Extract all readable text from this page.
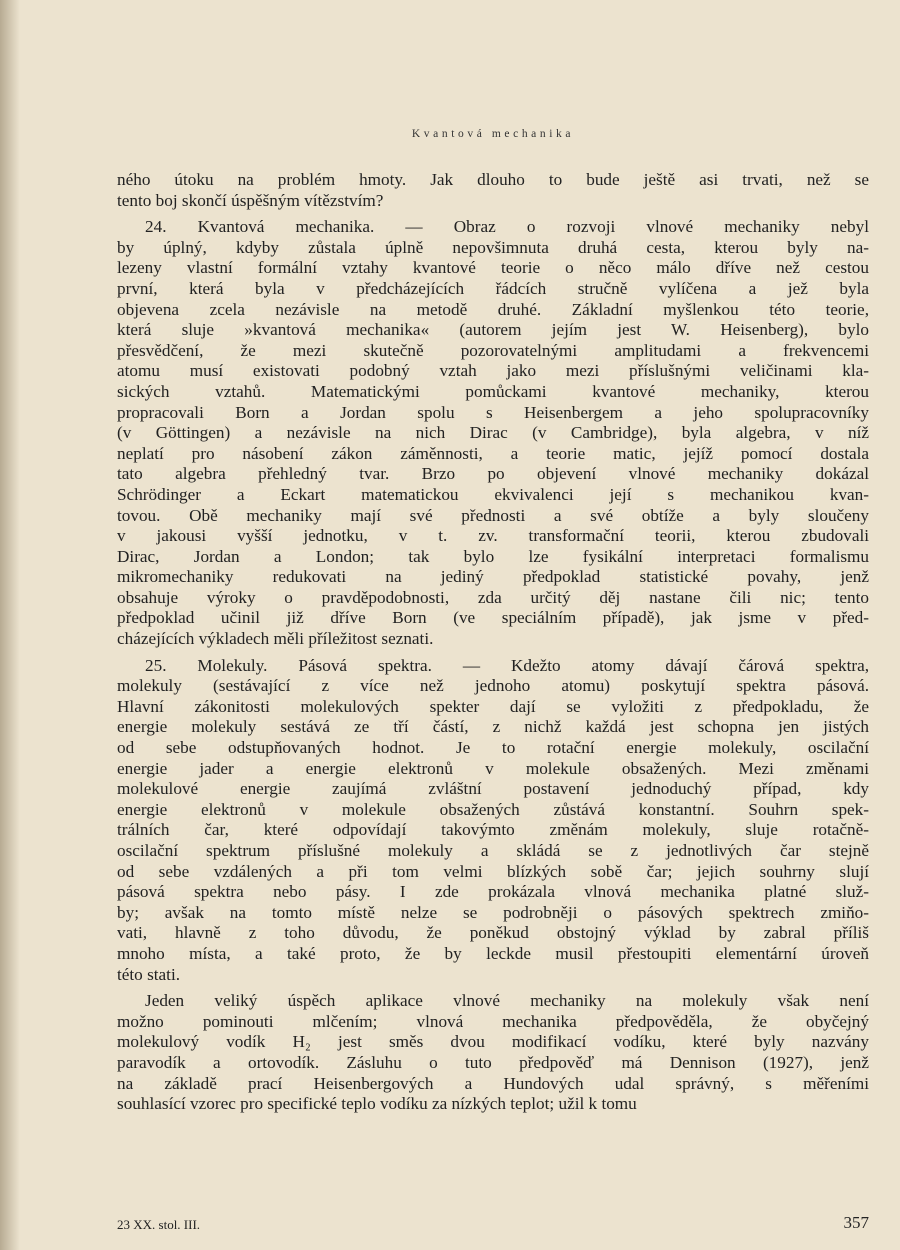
Kvantová mechanika
ného útoku na problém hmoty. Jak dlouho to bude ještě asi trvati, než se
tento boj skončí úspěšným vítězstvím?
24. Kvantová mechanika. — Obraz o rozvoji vlnové mechaniky nebyl
by úplný, kdyby zůstala úplně nepovšimnuta druhá cesta, kterou byly na-
lezeny vlastní formální vztahy kvantové teorie o něco málo dříve než cestou
první, která byla v předcházejících řádcích stručně vylíčena a jež byla
objevena zcela nezávisle na metodě druhé. Základní myšlenkou této teorie,
která sluje »kvantová mechanika« (autorem jejím jest W. Heisenberg), bylo
přesvědčení, že mezi skutečně pozorovatelnými amplitudami a frekvencemi
atomu musí existovati podobný vztah jako mezi příslušnými veličinami kla-
sických vztahů. Matematickými pomůckami kvantové mechaniky, kterou
propracovali Born a Jordan spolu s Heisenbergem a jeho spolupracovníky
(v Göttingen) a nezávisle na nich Dirac (v Cambridge), byla algebra, v níž
neplatí pro násobení zákon záměnnosti, a teorie matic, jejíž pomocí dostala
tato algebra přehledný tvar. Brzo po objevení vlnové mechaniky dokázal
Schrödinger a Eckart matematickou ekvivalenci její s mechanikou kvan-
tovou. Obě mechaniky mají své přednosti a své obtíže a byly sloučeny
v jakousi vyšší jednotku, v t. zv. transformační teorii, kterou zbudovali
Dirac, Jordan a London; tak bylo lze fysikální interpretaci formalismu
mikromechaniky redukovati na jediný předpoklad statistické povahy, jenž
obsahuje výroky o pravděpodobnosti, zda určitý děj nastane čili nic; tento
předpoklad učinil již dříve Born (ve speciálním případě), jak jsme v před-
cházejících výkladech měli příležitost seznati.
25. Molekuly. Pásová spektra. — Kdežto atomy dávají čárová spektra,
molekuly (sestávající z více než jednoho atomu) poskytují spektra pásová.
Hlavní zákonitosti molekulových spekter dají se vyložiti z předpokladu, že
energie molekuly sestává ze tří částí, z nichž každá jest schopna jen jistých
od sebe odstupňovaných hodnot. Je to rotační energie molekuly, oscilační
energie jader a energie elektronů v molekule obsažených. Mezi změnami
molekulové energie zaujímá zvláštní postavení jednoduchý případ, kdy
energie elektronů v molekule obsažených zůstává konstantní. Souhrn spek-
trálních čar, které odpovídají takovýmto změnám molekuly, sluje rotačně-
oscilační spektrum příslušné molekuly a skládá se z jednotlivých čar stejně
od sebe vzdálených a při tom velmi blízkých sobě čar; jejich souhrny slují
pásová spektra nebo pásy. I zde prokázala vlnová mechanika platné služ-
by; avšak na tomto místě nelze se podrobněji o pásových spektrech zmiňo-
vati, hlavně z toho důvodu, že poněkud obstojný výklad by zabral příliš
mnoho místa, a také proto, že by leckde musil přestoupiti elementární úroveň
této stati.
Jeden veliký úspěch aplikace vlnové mechaniky na molekuly však není
možno pominouti mlčením; vlnová mechanika předpověděla, že obyčejný
molekulový vodík H₂ jest směs dvou modifikací vodíku, které byly nazvány
paravodík a ortovodík. Zásluhu o tuto předpověď má Dennison (1927), jenž
na základě prací Heisenbergových a Hundových udal správný, s měřeními
souhlasící vzorec pro specifické teplo vodíku za nízkých teplot; užil k tomu
23 XX. stol. III.	357
